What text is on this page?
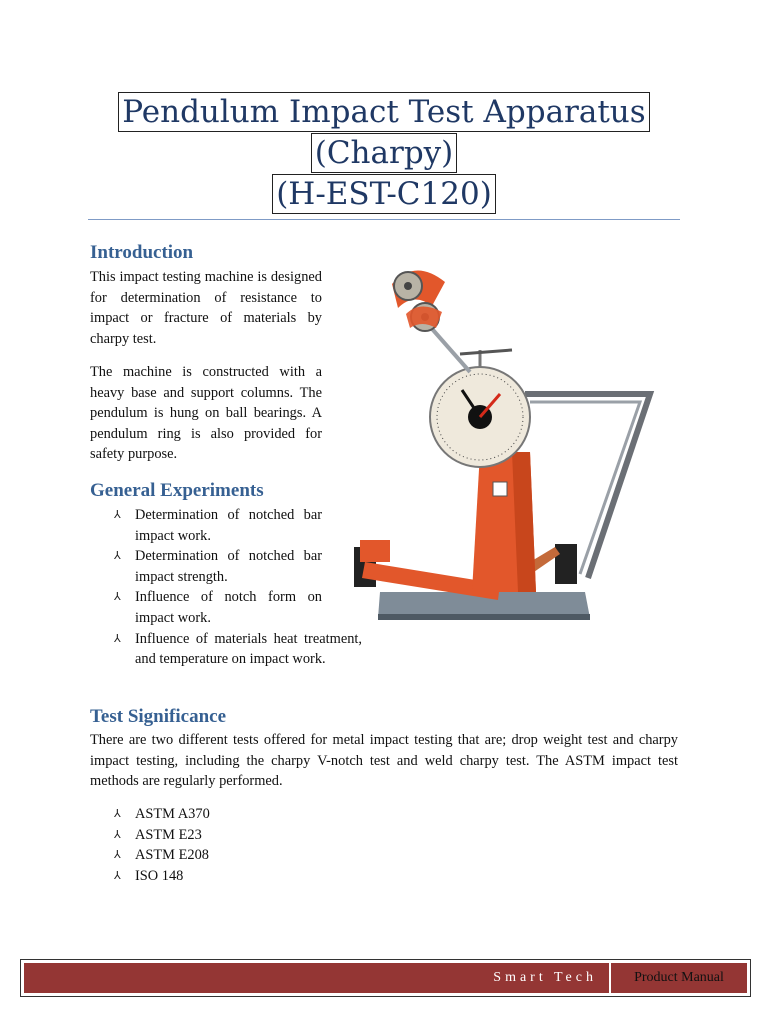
Pendulum Impact Test Apparatus
(Charpy)
(H-EST-C120)
Introduction

This impact testing machine is designed for determination of resistance to impact or fracture of materials by charpy test.

The machine is constructed with a heavy base and support columns. The pendulum is hung on ball bearings. A pendulum ring is also provided for safety purpose.

General Experiments
⅄ Determination of notched bar impact work.
⅄ Determination of notched bar impact strength.
⅄ Influence of notch form on impact work.
⅄ Influence of materials heat treatment, and temperature on impact work.
Test Significance

There are two different tests offered for metal impact testing that are; drop weight test and charpy impact testing, including the charpy V-notch test and weld charpy test. The ASTM impact test methods are regularly performed.

⅄ ASTM A370
⅄ ASTM E23
⅄ ASTM E208
⅄ ISO 148
Smart Tech	Product Manual
